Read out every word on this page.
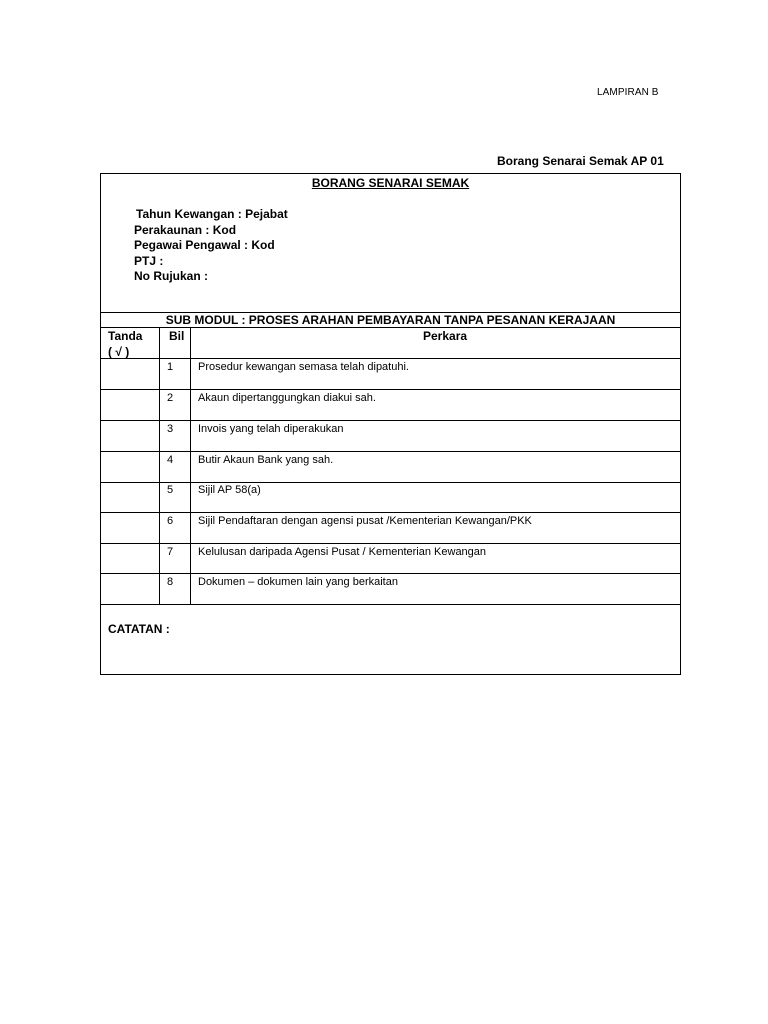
LAMPIRAN B
Borang Senarai Semak AP 01
BORANG SENARAI SEMAK
Tahun Kewangan : Pejabat
Perakaunan : Kod
Pegawai Pengawal : Kod
PTJ :
No Rujukan :
SUB MODUL : PROSES ARAHAN PEMBAYARAN TANPA PESANAN KERAJAAN
Tanda
( √ )
Bil	Perkara
1 Prosedur kewangan semasa telah dipatuhi.
2 Akaun dipertanggungkan diakui sah.
3 Invois yang telah diperakukan
4 Butir Akaun Bank yang sah.
5 Sijil AP 58(a)
6 Sijil Pendaftaran dengan agensi pusat /Kementerian Kewangan/PKK
7 Kelulusan daripada Agensi Pusat / Kementerian Kewangan
8 Dokumen – dokumen lain yang berkaitan
CATATAN :
